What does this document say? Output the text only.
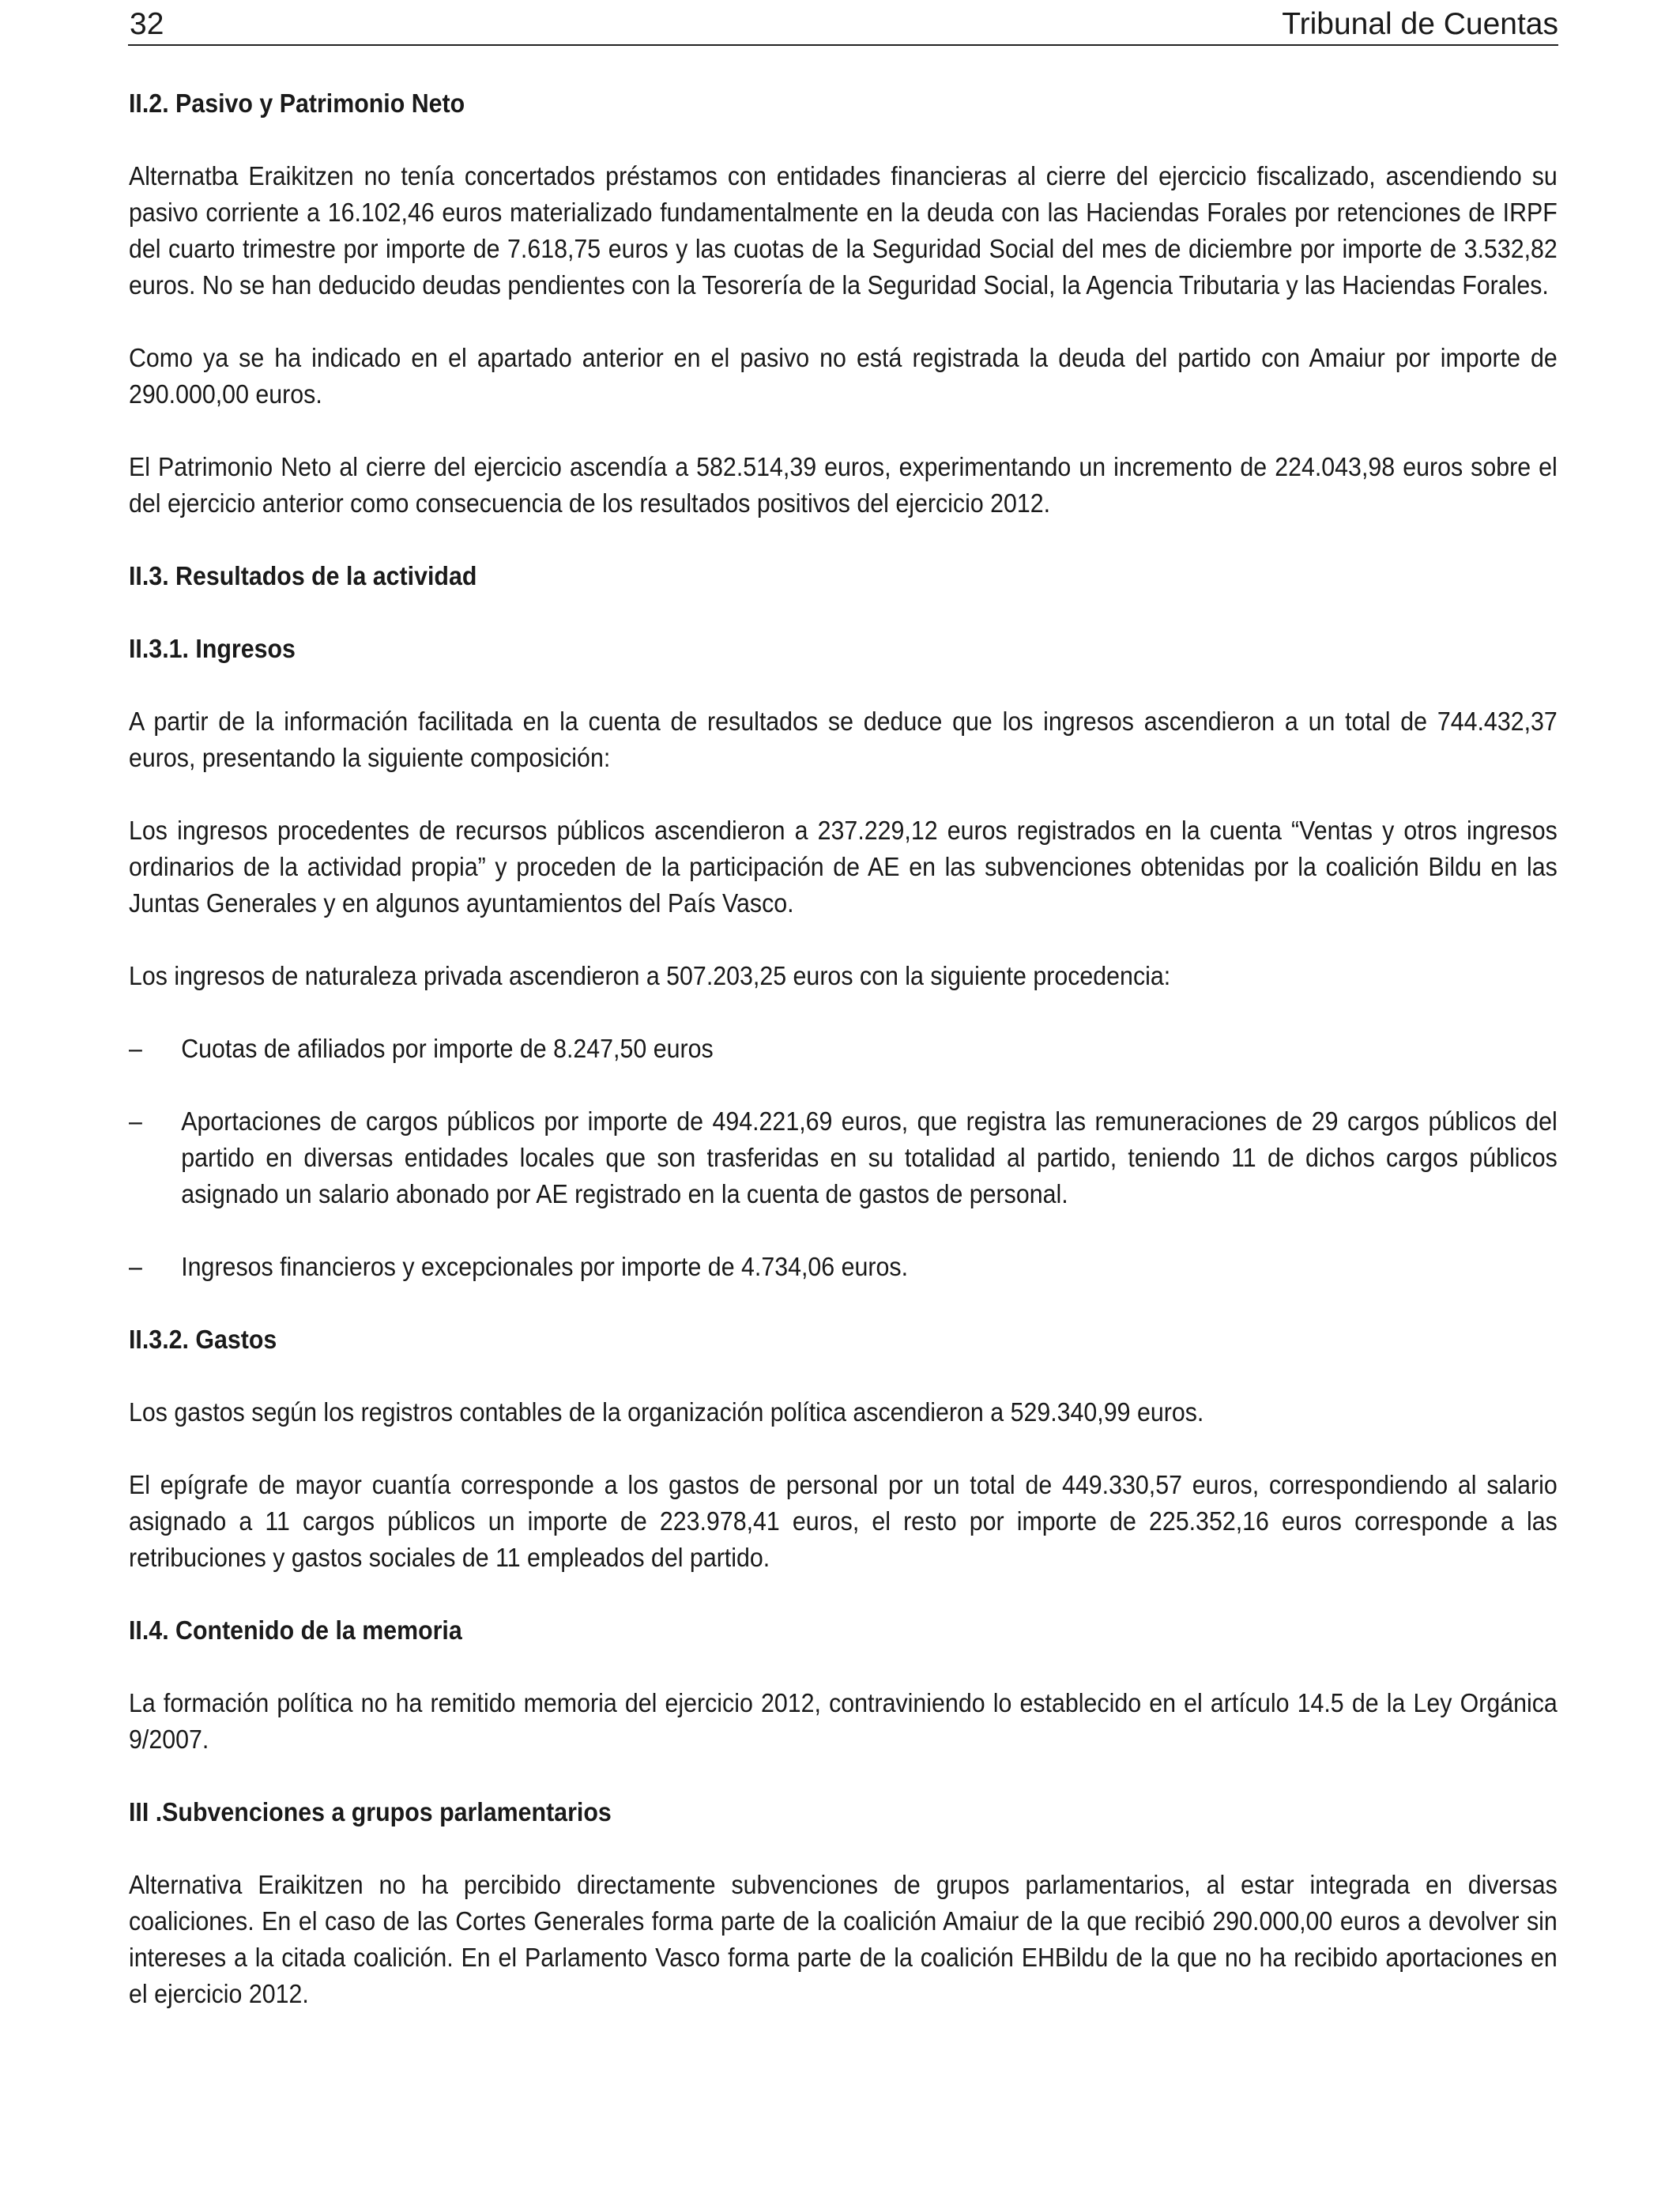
32	Tribunal de Cuentas
II.2. Pasivo y Patrimonio Neto

Alternatba Eraikitzen no tenía concertados préstamos con entidades financieras al cierre del ejercicio fiscalizado, ascendiendo su pasivo corriente a 16.102,46 euros materializado fundamentalmente en la deuda con las Haciendas Forales por retenciones de IRPF del cuarto trimestre por importe de 7.618,75 euros y las cuotas de la Seguridad Social del mes de diciembre por importe de 3.532,82 euros. No se han deducido deudas pendientes con la Tesorería de la Seguridad Social, la Agencia Tributaria y las Haciendas Forales.

Como ya se ha indicado en el apartado anterior en el pasivo no está registrada la deuda del partido con Amaiur por importe de 290.000,00 euros.

El Patrimonio Neto al cierre del ejercicio ascendía a 582.514,39 euros, experimentando un incremento de 224.043,98 euros sobre el del ejercicio anterior como consecuencia de los resultados positivos del ejercicio 2012.

II.3. Resultados de la actividad
II.3.1. Ingresos

A partir de la información facilitada en la cuenta de resultados se deduce que los ingresos ascendieron a un total de 744.432,37 euros, presentando la siguiente composición:

Los ingresos procedentes de recursos públicos ascendieron a 237.229,12 euros registrados en la cuenta “Ventas y otros ingresos ordinarios de la actividad propia” y proceden de la participación de AE en las subvenciones obtenidas por la coalición Bildu en las Juntas Generales y en algunos ayuntamientos del País Vasco.

Los ingresos de naturaleza privada ascendieron a 507.203,25 euros con la siguiente procedencia:

–	Cuotas de afiliados por importe de 8.247,50 euros
–	Aportaciones de cargos públicos por importe de 494.221,69 euros, que registra las remuneraciones de 29 cargos públicos del partido en diversas entidades locales que son trasferidas en su totalidad al partido, teniendo 11 de dichos cargos públicos asignado un salario abonado por AE registrado en la cuenta de gastos de personal.
–	Ingresos financieros y excepcionales por importe de 4.734,06 euros.
II.3.2. Gastos

Los gastos según los registros contables de la organización política ascendieron a 529.340,99 euros.

El epígrafe de mayor cuantía corresponde a los gastos de personal por un total de 449.330,57 euros, correspondiendo al salario asignado a 11 cargos públicos un importe de 223.978,41 euros, el resto por importe de 225.352,16 euros corresponde a las retribuciones y gastos sociales de 11 empleados del partido.

II.4. Contenido de la memoria

La formación política no ha remitido memoria del ejercicio 2012, contraviniendo lo establecido en el artículo 14.5 de la Ley Orgánica 9/2007.

III .Subvenciones a grupos parlamentarios

Alternativa Eraikitzen no ha percibido directamente subvenciones de grupos parlamentarios, al estar integrada en diversas coaliciones. En el caso de las Cortes Generales forma parte de la coalición Amaiur de la que recibió 290.000,00 euros a devolver sin intereses a la citada coalición. En el Parlamento Vasco forma parte de la coalición EHBildu de la que no ha recibido aportaciones en el ejercicio 2012.
